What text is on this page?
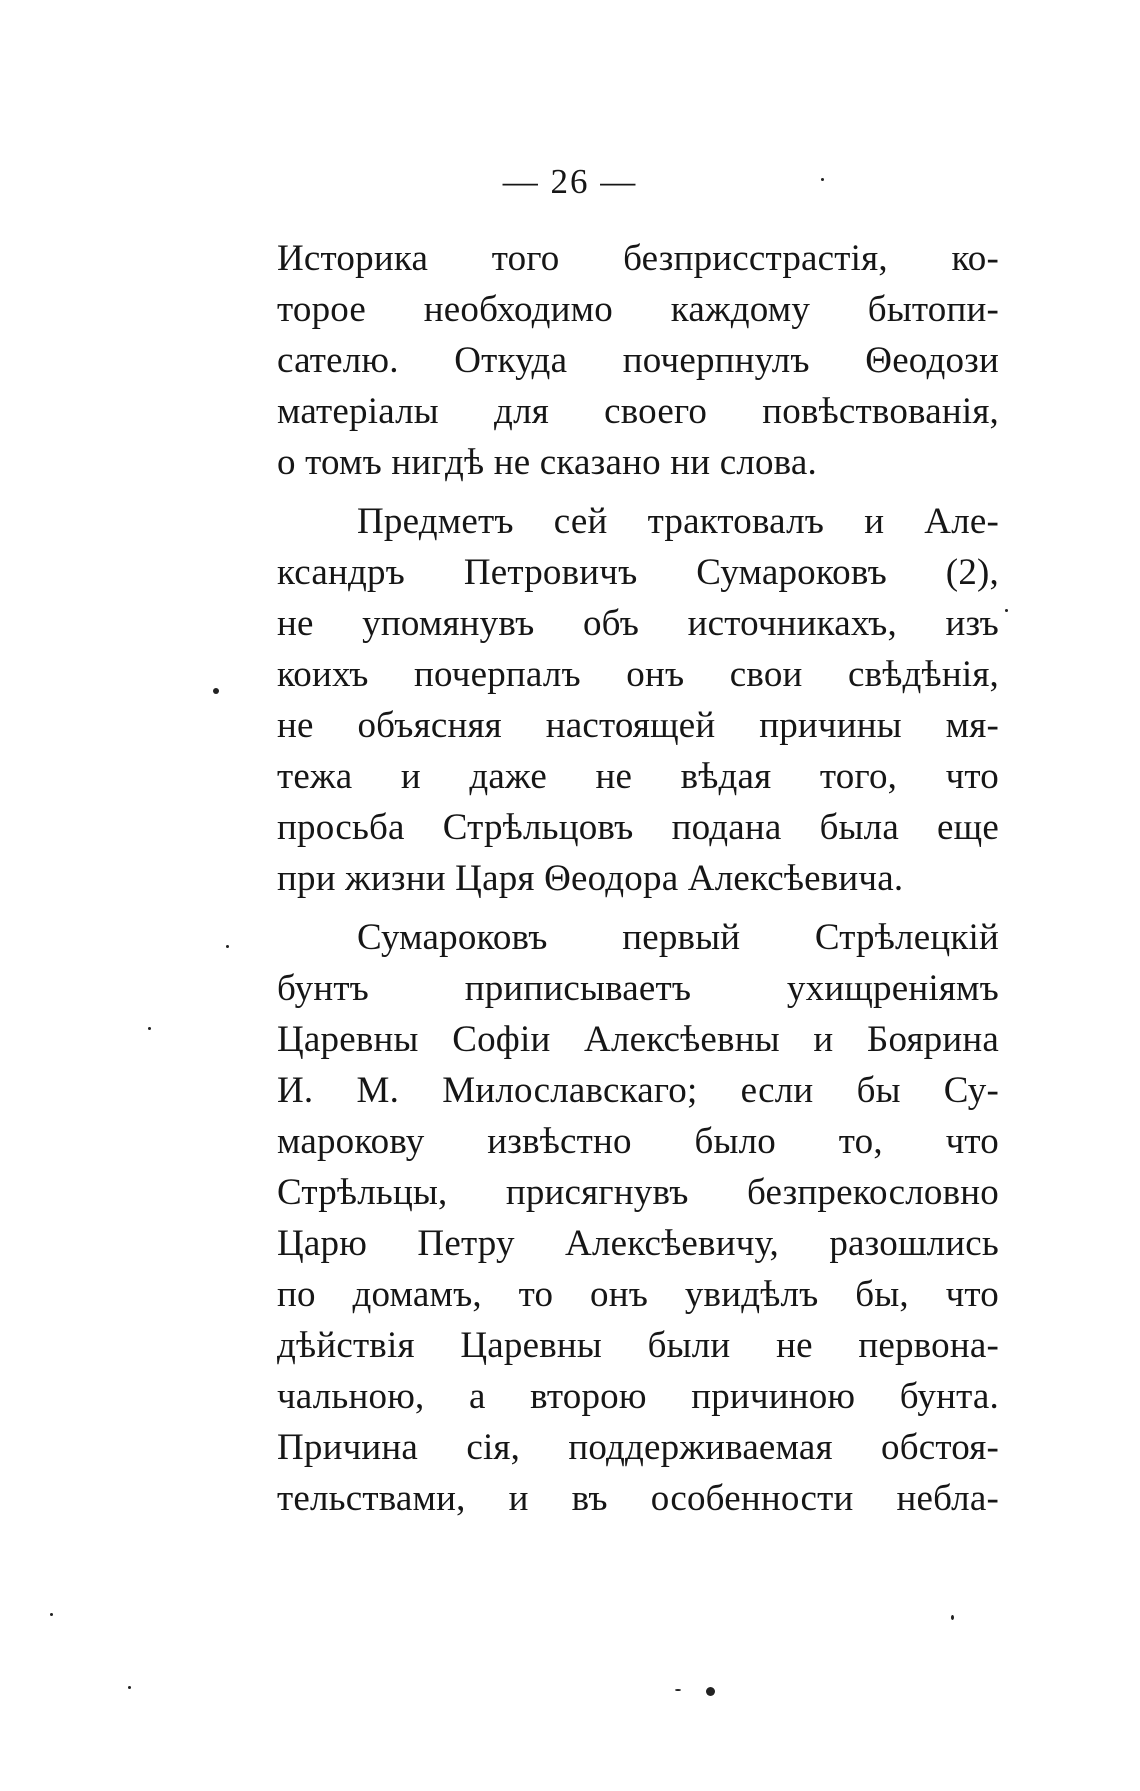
— 26 —
Историка того безприсстрастія, ко-
торое необходимо каждому бытопи-
сателю. Откуда почерпнулъ Θеодози
матеріалы для своего повѣствованія,
о томъ нигдѣ не сказано ни слова.
Предметъ сей трактовалъ и Але-
ксандръ Петровичъ Сумароковъ (2),
не упомянувъ объ источникахъ, изъ
коихъ почерпалъ онъ свои свѣдѣнія,
не объясняя настоящей причины мя-
тежа и даже не вѣдая того, что
просьба Стрѣльцовъ подана была еще
при жизни Царя Θеодора Алексѣевича.
Сумароковъ первый Стрѣлецкій
бунтъ приписываетъ ухищреніямъ
Царевны Софіи Алексѣевны и Боярина
И. М. Милославскаго; если бы Су-
марокову извѣстно было то, что
Стрѣльцы, присягнувъ безпрекословно
Царю Петру Алексѣевичу, разошлись
по домамъ, то онъ увидѣлъ бы, что
дѣйствія Царевны были не первона-
чальною, а второю причиною бунта.
Причина сія, поддерживаемая обстоя-
тельствами, и въ особенности небла-
